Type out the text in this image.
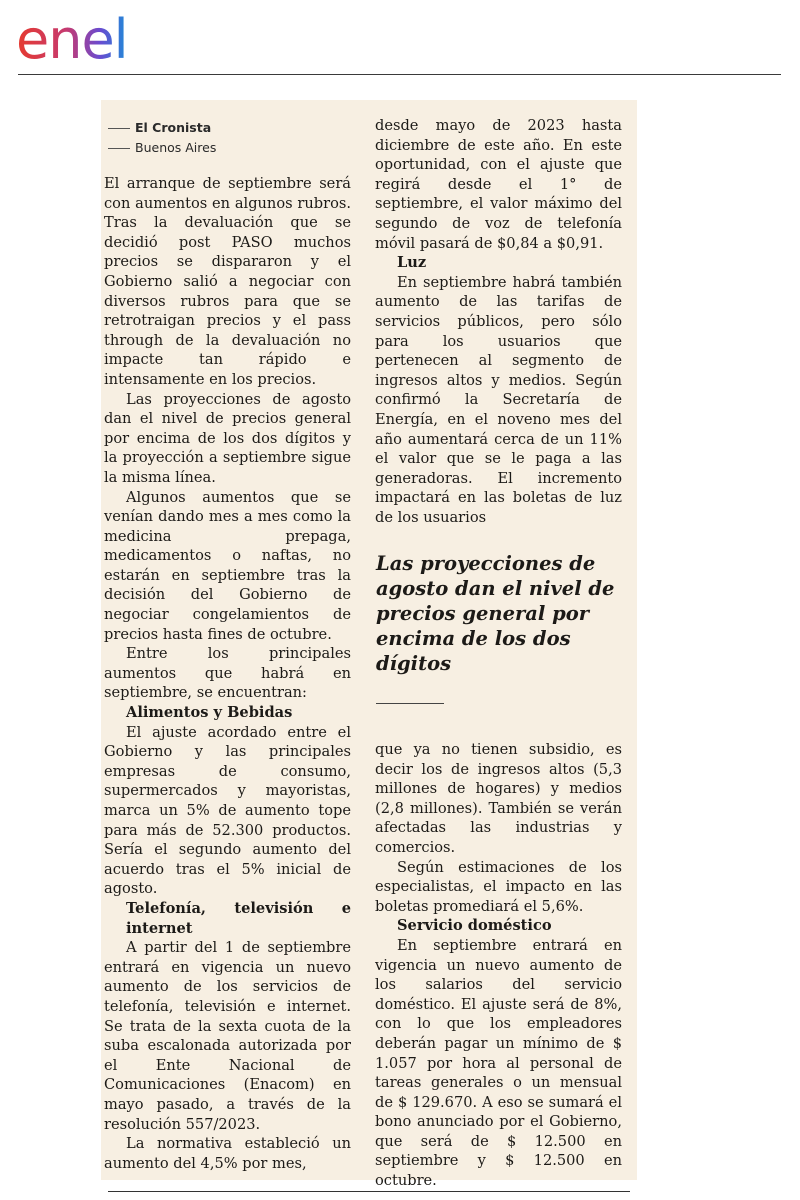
enel
El Cronista
Buenos Aires

El arranque de septiembre será con aumentos en algunos rubros. Tras la devaluación que se decidió post PASO muchos precios se dispararon y el Gobierno salió a negociar con diversos rubros para que se retrotraigan precios y el pass through de la devaluación no impacte tan rápido e intensamente en los precios.

Las proyecciones de agosto dan el nivel de precios general por encima de los dos dígitos y la proyección a septiembre sigue la misma línea.

Algunos aumentos que se venían dando mes a mes como la medicina prepaga, medicamentos o naftas, no estarán en septiembre tras la decisión del Gobierno de negociar congelamientos de precios hasta fines de octubre.

Entre los principales aumentos que habrá en septiembre, se encuentran:

Alimentos y Bebidas

El ajuste acordado entre el Gobierno y las principales empresas de consumo, supermercados y mayoristas, marca un 5% de aumento tope para más de 52.300 productos. Sería el segundo aumento del acuerdo tras el 5% inicial de agosto.

Telefonía, televisión e internet

A partir del 1 de septiembre entrará en vigencia un nuevo aumento de los servicios de telefonía, televisión e internet. Se trata de la sexta cuota de la suba escalonada autorizada por el Ente Nacional de Comunicaciones (Enacom) en mayo pasado, a través de la resolución 557/2023.

La normativa estableció un aumento del 4,5% por mes,

desde mayo de 2023 hasta diciembre de este año. En este oportunidad, con el ajuste que regirá desde el 1° de septiembre, el valor máximo del segundo de voz de telefonía móvil pasará de $0,84 a $0,91.

Luz

En septiembre habrá también aumento de las tarifas de servicios públicos, pero sólo para los usuarios que pertenecen al segmento de ingresos altos y medios. Según confirmó la Secretaría de Energía, en el noveno mes del año aumentará cerca de un 11% el valor que se le paga a las generadoras. El incremento impactará en las boletas de luz de los usuarios

Las proyecciones de agosto dan el nivel de precios general por encima de los dos dígitos

que ya no tienen subsidio, es decir los de ingresos altos (5,3 millones de hogares) y medios (2,8 millones). También se verán afectadas las industrias y comercios.

Según estimaciones de los especialistas, el impacto en las boletas promediará el 5,6%.

Servicio doméstico

En septiembre entrará en vigencia un nuevo aumento de los salarios del servicio doméstico. El ajuste será de 8%, con lo que los empleadores deberán pagar un mínimo de $ 1.057 por hora al personal de tareas generales o un mensual de $ 129.670. A eso se sumará el bono anunciado por el Gobierno, que será de $ 12.500 en septiembre y $ 12.500 en octubre.
